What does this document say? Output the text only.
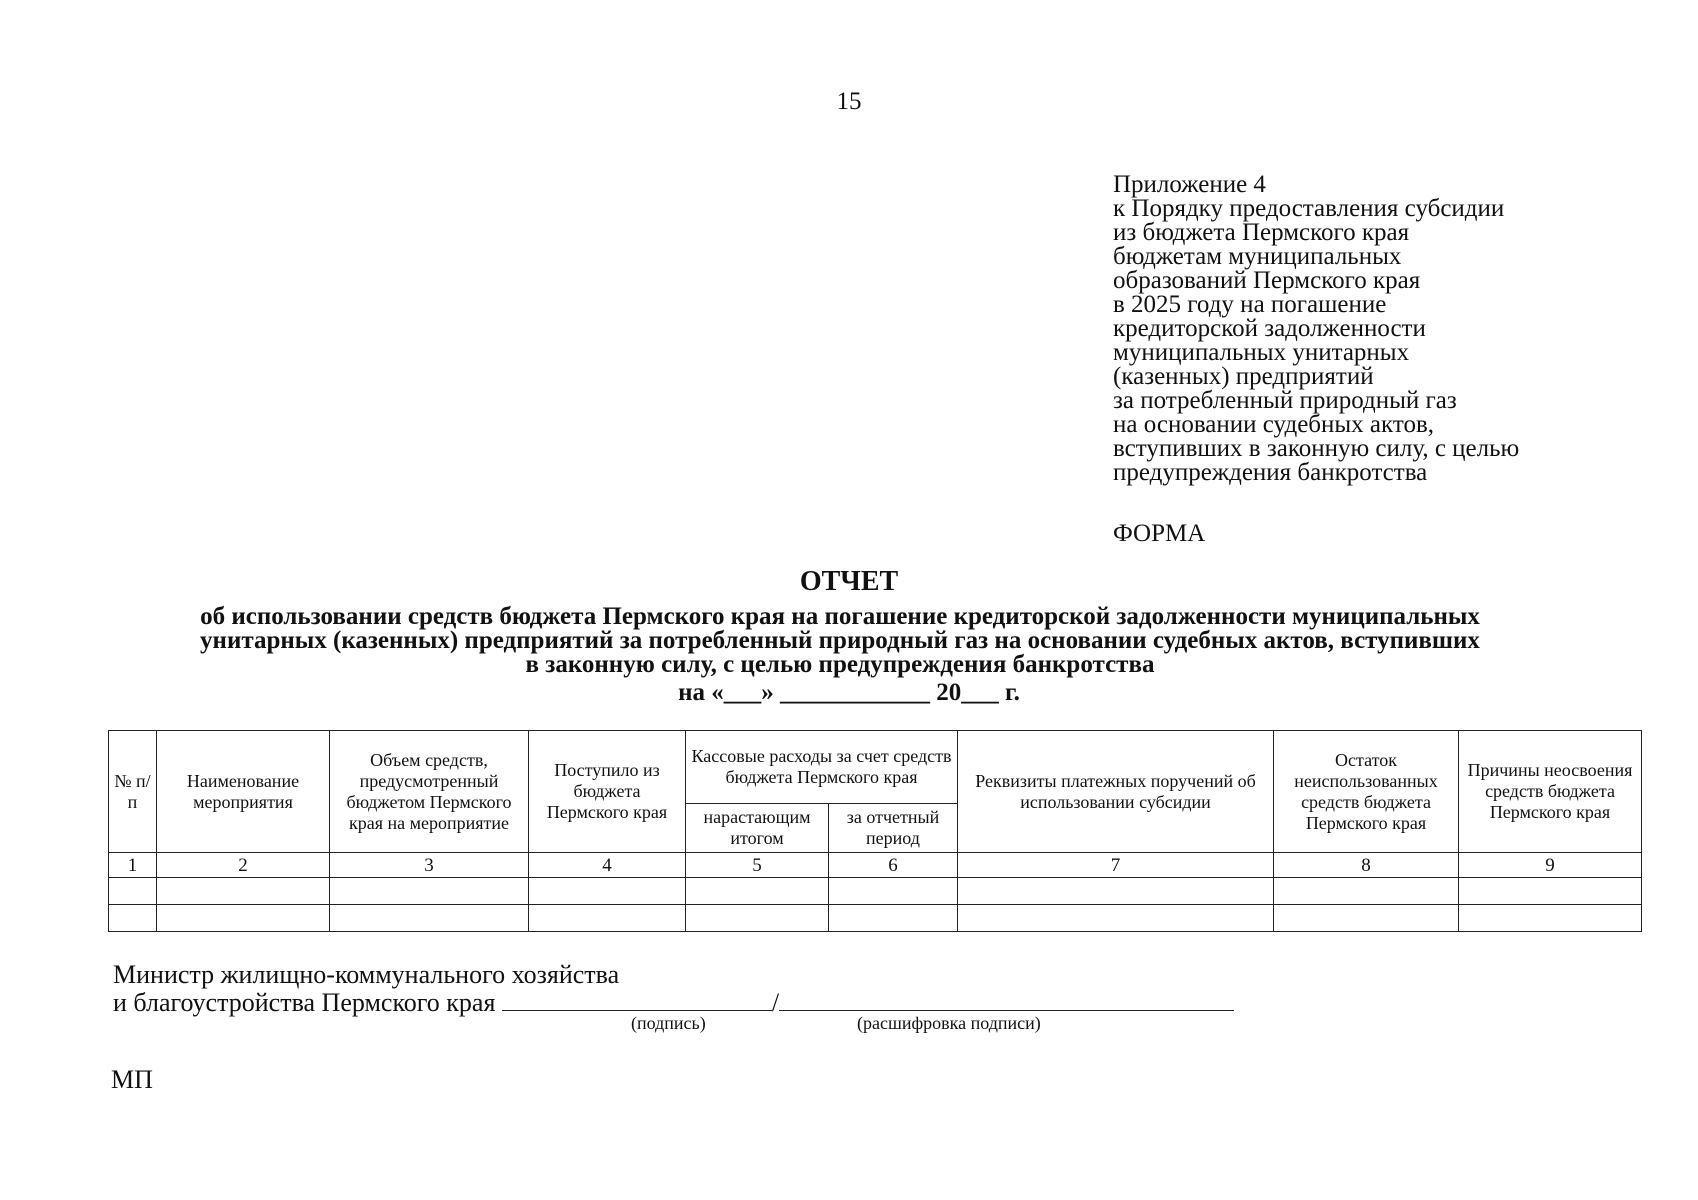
15
Приложение 4
к Порядку предоставления субсидии
из бюджета Пермского края
бюджетам муниципальных
образований Пермского края
в 2025 году на погашение
кредиторской задолженности
муниципальных унитарных
(казенных) предприятий
за потребленный природный газ
на основании судебных актов,
вступивших в законную силу, с целью
предупреждения банкротства
ФОРМА
ОТЧЕТ
об использовании средств бюджета Пермского края на погашение кредиторской задолженности муниципальных
унитарных (казенных) предприятий за потребленный природный газ на основании судебных актов, вступивших
в законную силу, с целью предупреждения банкротства
на «___» ____________ 20___ г.
№ п/п	Наименование мероприятия	Объем средств, предусмотренный бюджетом Пермского края на мероприятие	Поступило из бюджета Пермского края	Кассовые расходы за счет средств бюджета Пермского края		Реквизиты платежных поручений об использовании субсидии	Остаток неиспользованных средств бюджета Пермского края	Причины неосвоения средств бюджета Пермского края
				нарастающим итогом	за отчетный период			
1	2	3	4	5	6	7	8	9

Министр жилищно-коммунального хозяйства
и благоустройства Пермского края	/
(подпись)	(расшифровка подписи)
МП
